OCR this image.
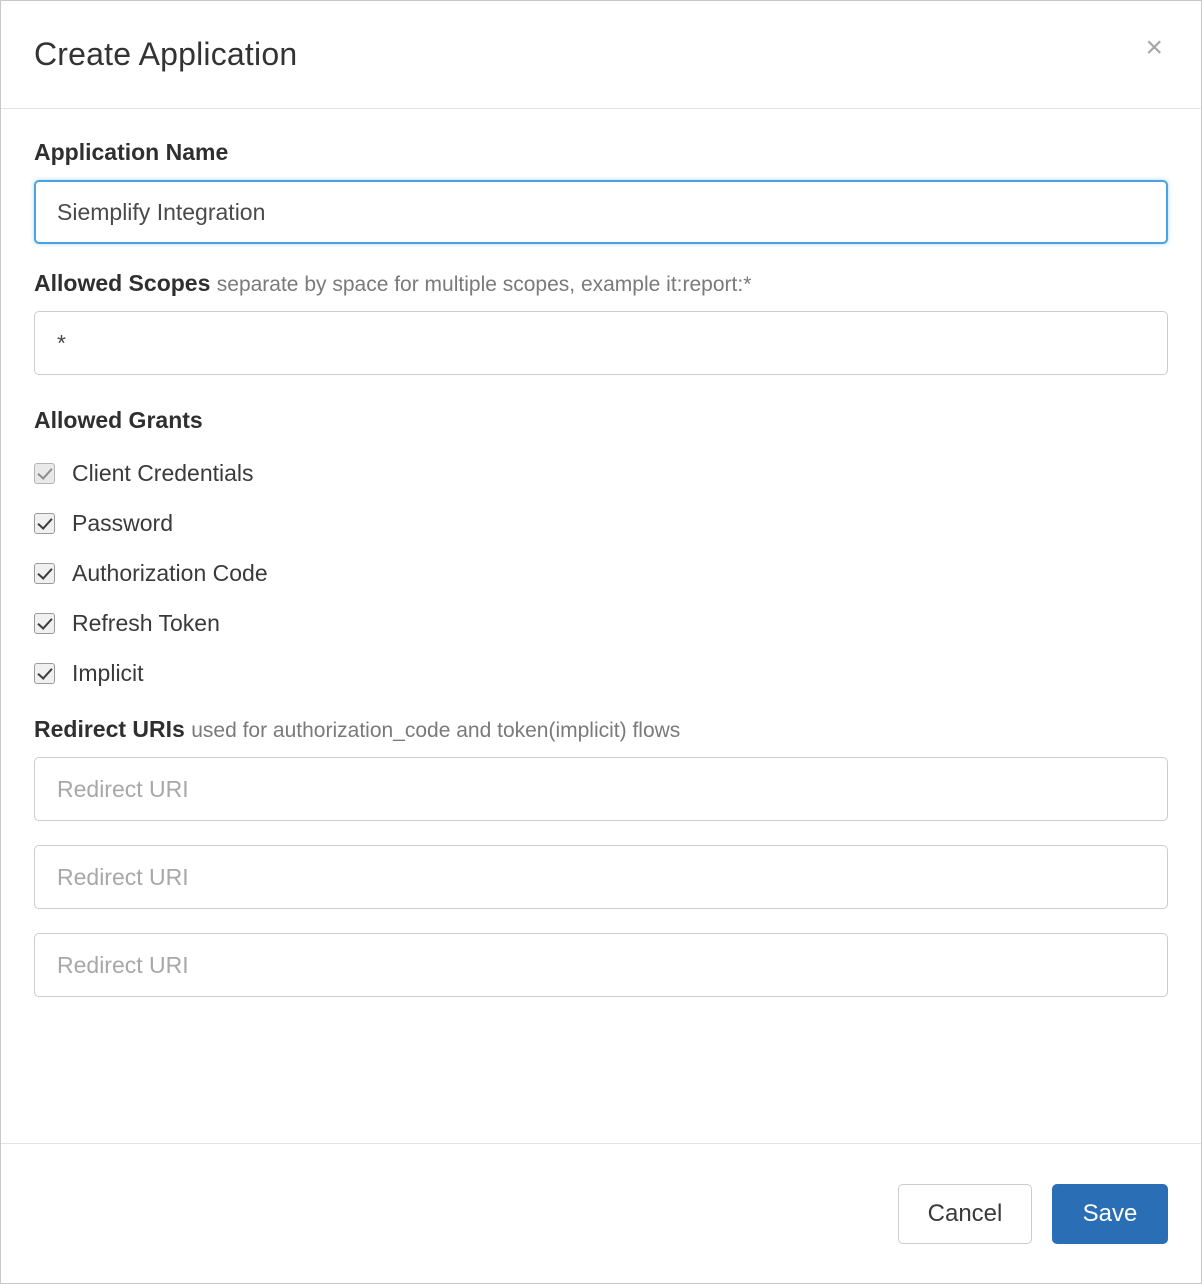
Create Application	×
Application Name
Siemplify Integration
Allowed Scopes separate by space for multiple scopes, example it:report:*
*
Allowed Grants
Client Credentials
Password
Authorization Code
Refresh Token
Implicit
Redirect URIs used for authorization_code and token(implicit) flows
Redirect URI Redirect URI Redirect URI
Cancel	Save
